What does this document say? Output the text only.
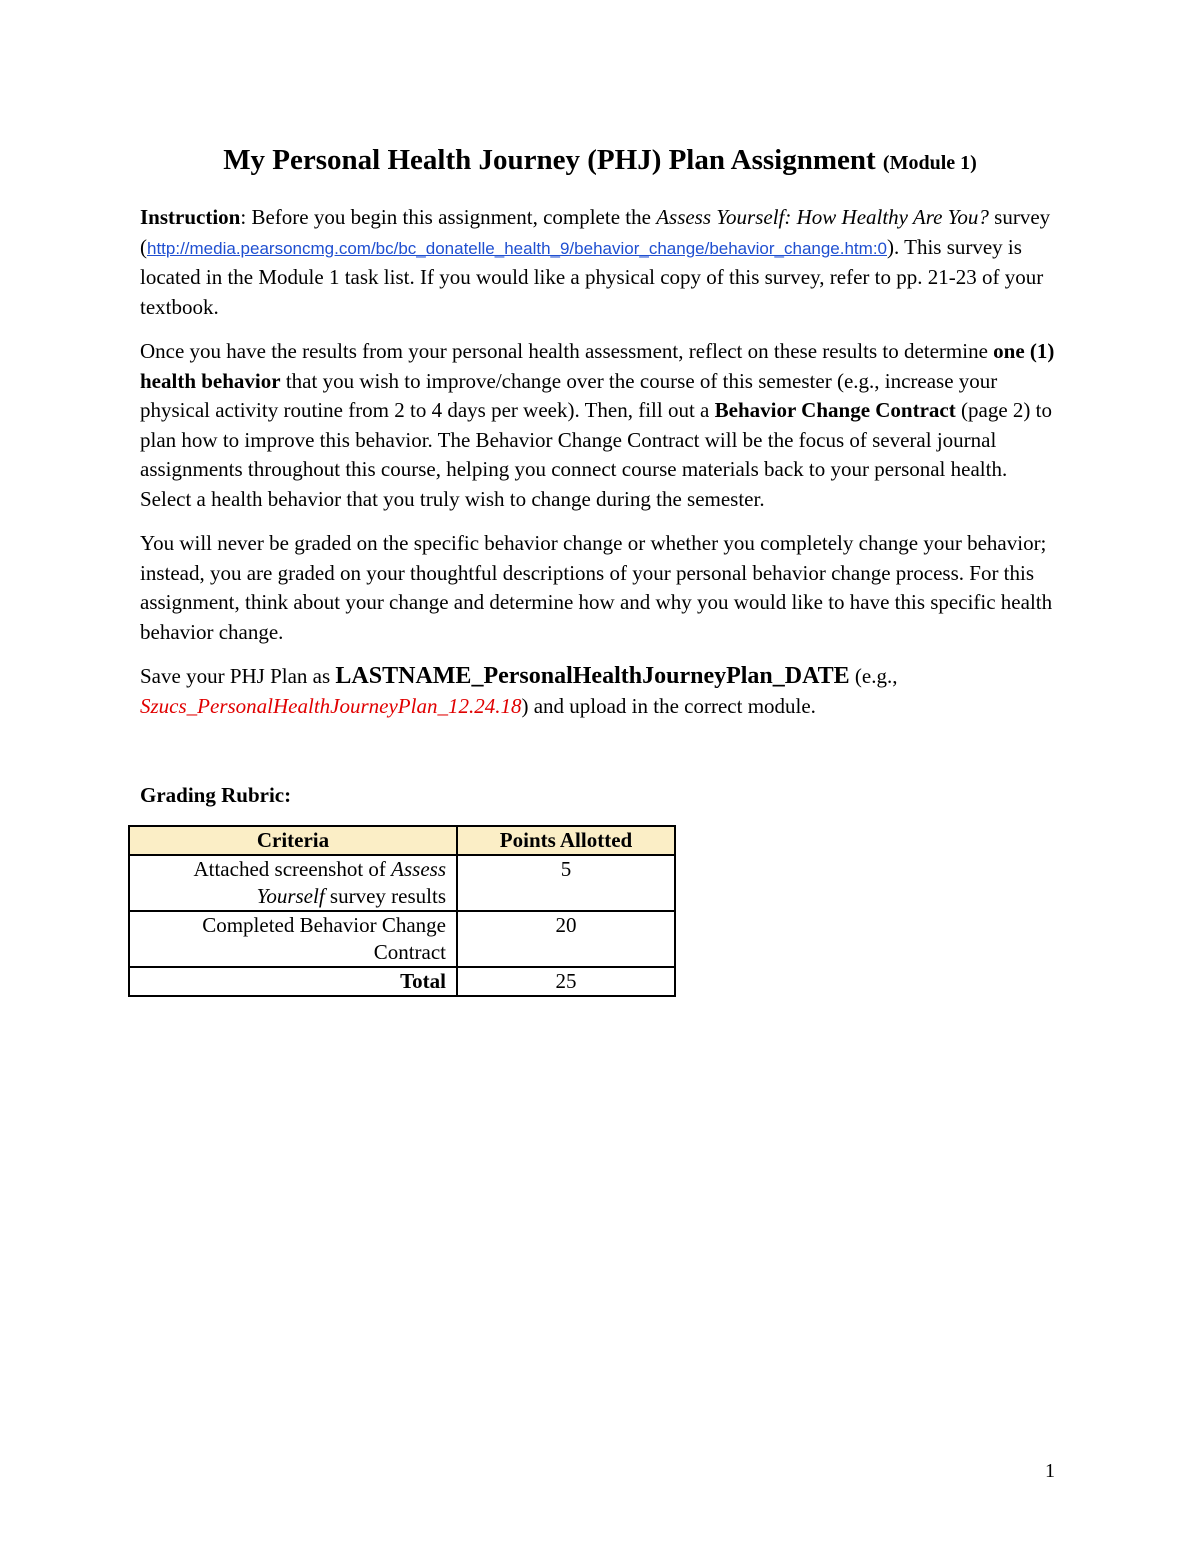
My Personal Health Journey (PHJ) Plan Assignment (Module 1)

Instruction: Before you begin this assignment, complete the Assess Yourself: How Healthy Are You? survey (http://media.pearsoncmg.com/bc/bc_donatelle_health_9/behavior_change/behavior_change.htm:0). This survey is located in the Module 1 task list. If you would like a physical copy of this survey, refer to pp. 21-23 of your textbook.

Once you have the results from your personal health assessment, reflect on these results to determine one (1) health behavior that you wish to improve/change over the course of this semester (e.g., increase your physical activity routine from 2 to 4 days per week). Then, fill out a Behavior Change Contract (page 2) to plan how to improve this behavior. The Behavior Change Contract will be the focus of several journal assignments throughout this course, helping you connect course materials back to your personal health. Select a health behavior that you truly wish to change during the semester.

You will never be graded on the specific behavior change or whether you completely change your behavior; instead, you are graded on your thoughtful descriptions of your personal behavior change process. For this assignment, think about your change and determine how and why you would like to have this specific health behavior change.

Save your PHJ Plan as LASTNAME_PersonalHealthJourneyPlan_DATE (e.g., Szucs_PersonalHealthJourneyPlan_12.24.18) and upload in the correct module.

Grading Rubric:
Criteria	Points Allotted
Attached screenshot of Assess Yourself survey results	5
Completed Behavior Change Contract	20
Total	25
1
